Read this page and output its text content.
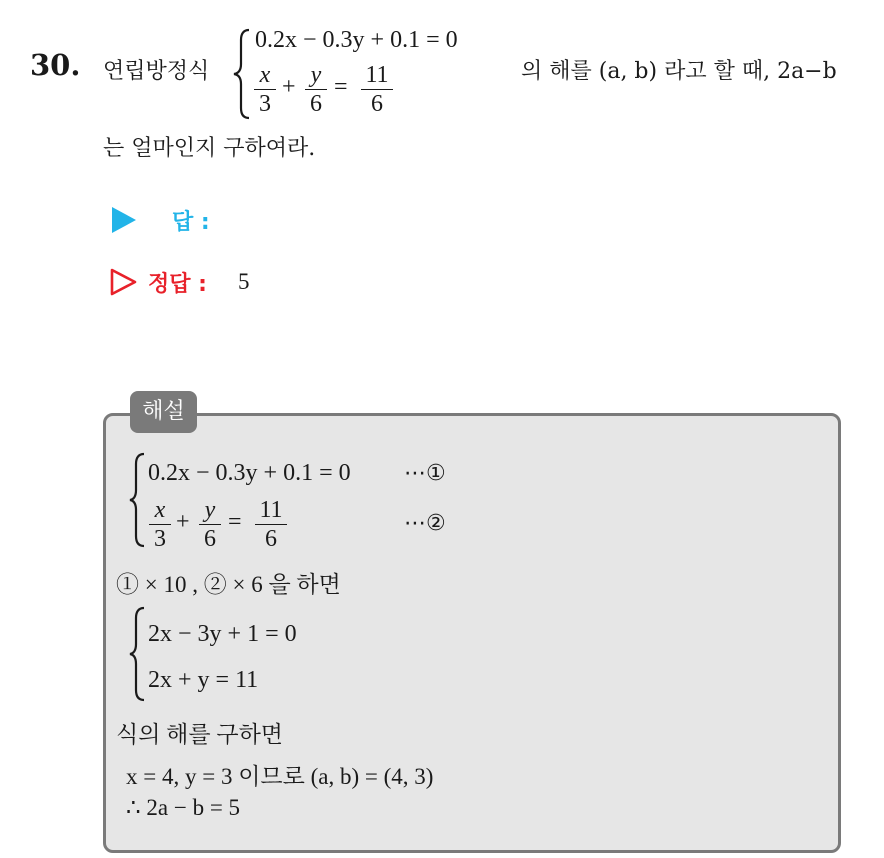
30. 연립방정식
0.2x − 0.3y + 0.1 = 0
x
3
+ y
6
= 11
6
의 해를 (a, b) 라고 할 때, 2a−b
는 얼마인지 구하여라.
답 :
정답 : 5
해설
0.2x − 0.3y + 0.1 = 0 ⋯①
x
3
+ y
6
= 11
6
⋯②
① × 10 , ② × 6 을 하면
2x − 3y + 1 = 0
2x + y = 11
식의 해를 구하면
x = 4, y = 3 이므로 (a, b) = (4, 3)
∴ 2a − b = 5
